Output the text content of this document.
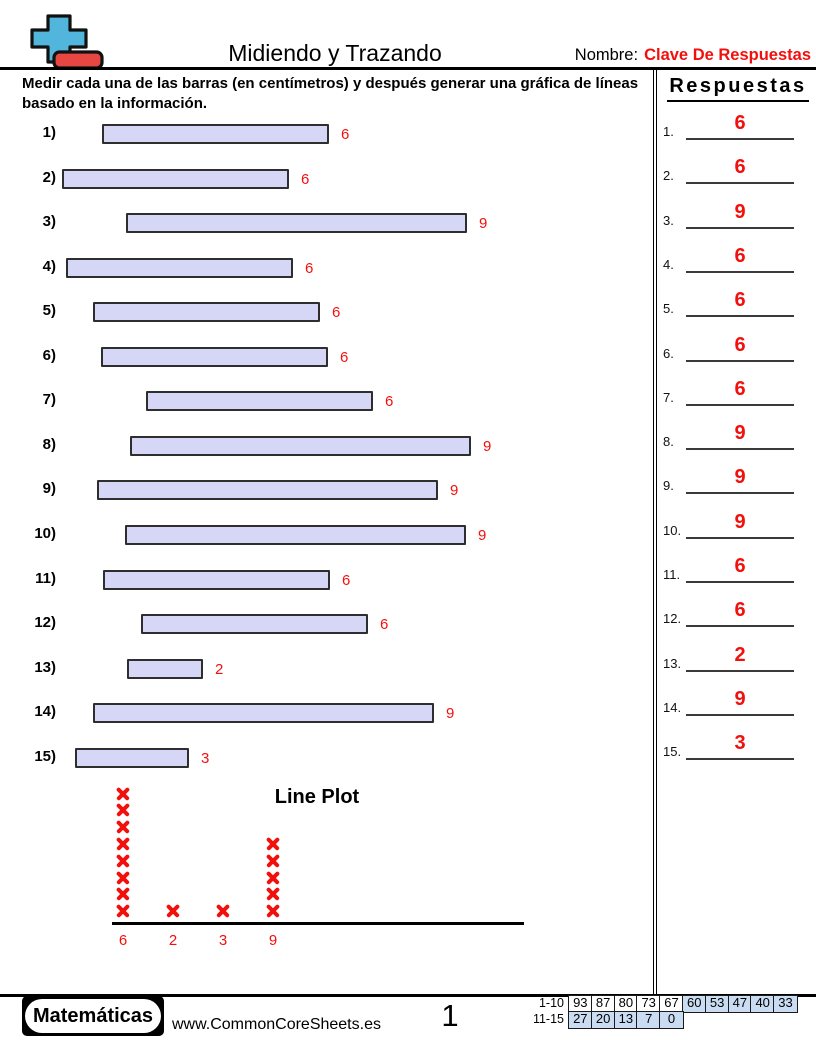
Midiendo y Trazando	Nombre: Clave De Respuestas
Medir cada una de las barras (en centímetros) y después generar una gráfica de líneas basado en la información.
1)	6
2)	6
3)	9
4)	6
5)	6
6)	6
7)	6
8)	9
9)	9
10)	9
11)	6
12)	6
13)	2
14)	9
15)	3
Respuestas
1.	6
2.	6
3.	9
4.	6
5.	6
6.	6
7.	6
8.	9
9.	9
10.	9
11.	6
12.	6
13.	2
14.	9
15.	3
Line Plot
6	2	3	9
Matemáticas	www.CommonCoreSheets.es	1	1-10 93 87 80 73 67 60 53 47 40 33
11-15 27 20 13 7	0
